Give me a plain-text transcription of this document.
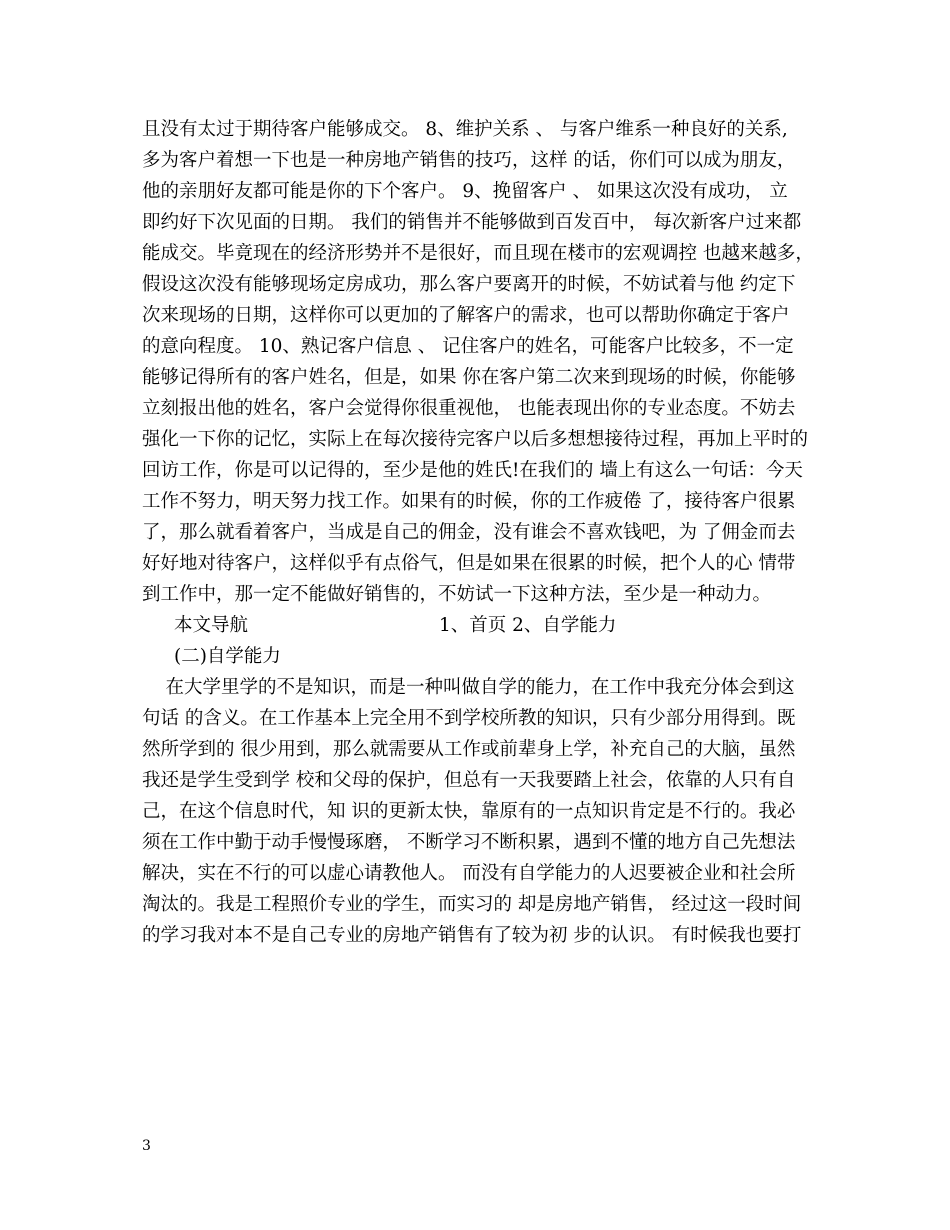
且没有太过于期待客户能够成交。 8、维护关系 、 与客户维系一种良好的关系,
多为客户着想一下也是一种房地产销售的技巧，这样 的话，你们可以成为朋友，
他的亲朋好友都可能是你的下个客户。 9、挽留客户 、 如果这次没有成功， 立
即约好下次见面的日期。 我们的销售并不能够做到百发百中， 每次新客户过来都
能成交。毕竟现在的经济形势并不是很好，而且现在楼市的宏观调控 也越来越多，
假设这次没有能够现场定房成功，那么客户要离开的时候，不妨试着与他 约定下
次来现场的日期，这样你可以更加的了解客户的需求，也可以帮助你确定于客户
的意向程度。 10、熟记客户信息 、 记住客户的姓名，可能客户比较多，不一定
能够记得所有的客户姓名，但是，如果 你在客户第二次来到现场的时候，你能够
立刻报出他的姓名，客户会觉得你很重视他， 也能表现出你的专业态度。不妨去
强化一下你的记忆，实际上在每次接待完客户以后多想想接待过程，再加上平时的
回访工作，你是可以记得的，至少是他的姓氏!在我们的 墙上有这么一句话：今天
工作不努力，明天努力找工作。如果有的时候，你的工作疲倦 了，接待客户很累
了，那么就看着客户，当成是自己的佣金，没有谁会不喜欢钱吧，为 了佣金而去
好好地对待客户，这样似乎有点俗气，但是如果在很累的时候，把个人的心 情带
到工作中，那一定不能做好销售的，不妨试一下这种方法，至少是一种动力。

本文导航

	1、首页 2、自学能力

(二)自学能力
在大学里学的不是知识，而是一种叫做自学的能力，在工作中我充分体会到这
句话 的含义。在工作基本上完全用不到学校所教的知识，只有少部分用得到。既
然所学到的 很少用到，那么就需要从工作或前辈身上学，补充自己的大脑，虽然
我还是学生受到学 校和父母的保护，但总有一天我要踏上社会，依靠的人只有自
己，在这个信息时代，知 识的更新太快，靠原有的一点知识肯定是不行的。我必
须在工作中勤于动手慢慢琢磨， 不断学习不断积累，遇到不懂的地方自己先想法
解决，实在不行的可以虚心请教他人。 而没有自学能力的人迟要被企业和社会所
淘汰的。我是工程照价专业的学生，而实习的 却是房地产销售， 经过这一段时间
的学习我对本不是自己专业的房地产销售有了较为初 步的认识。 有时候我也要打
3
